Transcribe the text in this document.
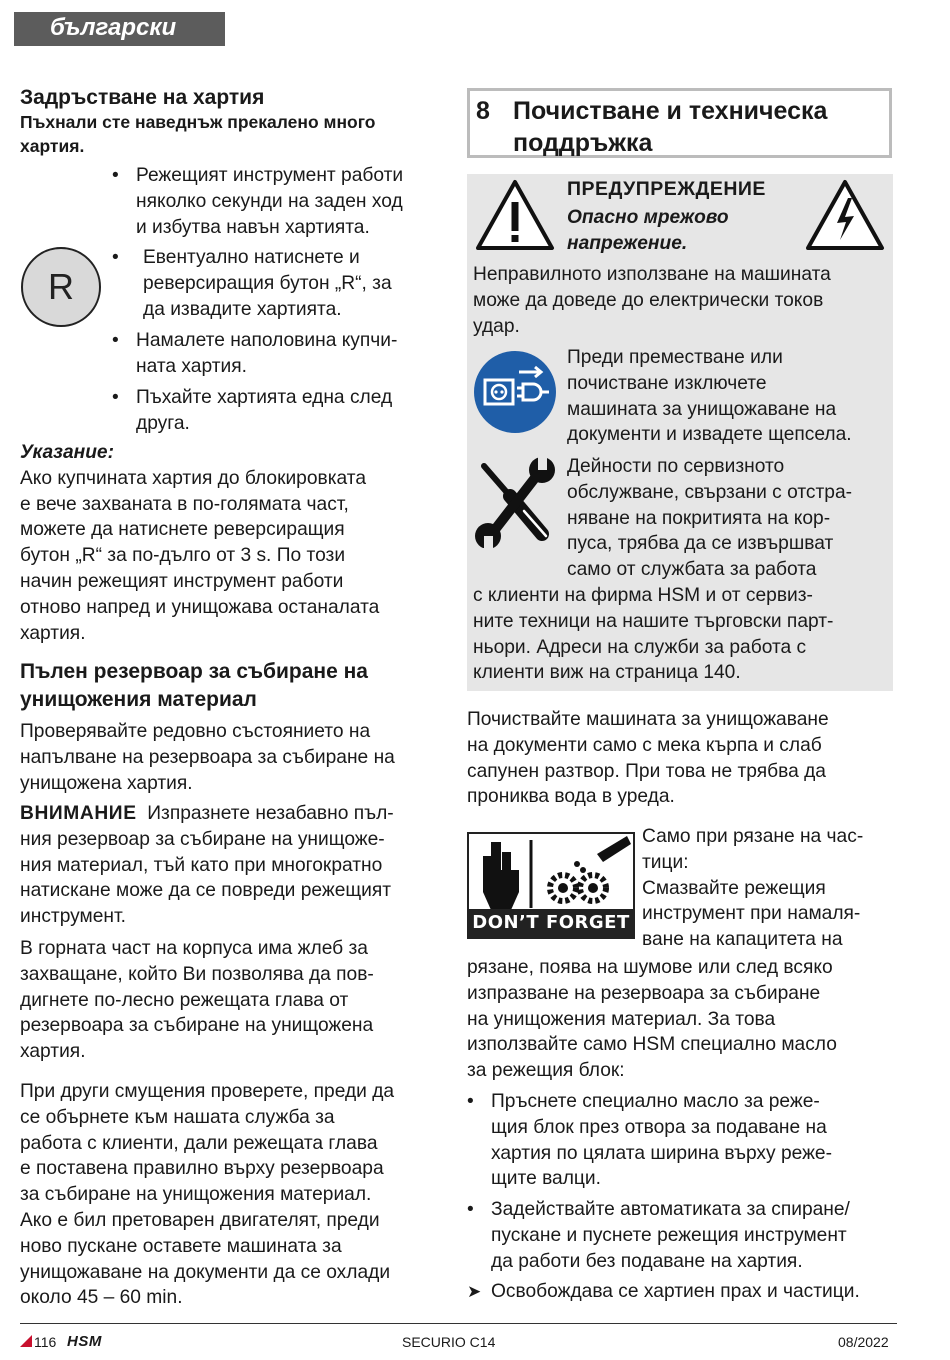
български
Задръстване на хартия
Пъхнали сте наведнъж прекалено много
хартия.
R
• Режещият инструмент работи

няколко секунди на заден ход

и избутва навън хартията.

• Евентуално натиснете и

реверсиращия бутон „R“, за

да извадите хартията.

• Намалете наполовина купчи-

ната хартия.

• Пъхайте хартията една след

друга.

Указание:

Ако купчината хартия до блокировката

е вече захваната в по-голямата част,

можете да натиснете реверсиращия

бутон „R“ за по-дълго от 3 s. По този

начин режещият инструмент работи

отново напред и унищожава останалата

хартия.

Пълен резервоар за събиране на

унищожения материал

Проверявайте редовно състоянието на

напълване на резервоара за събиране на

унищожена хартия.

ВНИМАНИЕ Изпразнете незабавно пъл-

ния резервоар за събиране на унищоже-

ния материал, тъй като при многократно

натискане може да се повреди режещият

инструмент.

В горната част на корпуса има жлеб за

захващане, който Ви позволява да пов-

дигнете по-лесно режещата глава от

резервоара за събиране на унищожена

хартия.

При други смущения проверете, преди да

се обърнете към нашата служба за

работа с клиенти, дали режещата глава

е поставена правилно върху резервоара

за събиране на унищожения материал.

Ако е бил претоварен двигателят, преди

ново пускане оставете машината за

унищожаване на документи да се охлади

около 45 – 60 min.

8 Почистване и техническа

поддръжка

ПРЕДУПРЕЖДЕНИЕ

Опасно мрежово

напрежение.

Неправилното използване на машината

може да доведе до електрически токов

удар.

Преди преместване или

почистване изключете

машината за унищожаване на

документи и извадете щепсела.

Дейности по сервизното

обслужване, свързани с отстра-

няване на покритията на кор-

пуса, трябва да се извършват

само от службата за работа

с клиенти на фирма HSM и от сервиз-

ните техници на нашите търговски парт-

ньори. Адреси на служби за работа с

клиенти виж на страница 140.

Почиствайте машината за унищожаване

на документи само с мека кърпа и слаб

сапунен разтвор. При това не трябва да

прониква вода в уреда.

DON’T FORGET

Само при рязане на час-

тици:

Смазвайте режещия

инструмент при намаля-

ване на капацитета на

рязане, поява на шумове или след всяко

изпразване на резервоара за събиране

на унищожения материал. За това

използвайте само HSM специално масло

за режещия блок:

• Пръснете специално масло за реже-

щия блок през отвора за подаване на

хартия по цялата ширина върху реже-

щите валци.

• Задействайте автоматиката за спиране/

пускане и пуснете режещия инструмент

да работи без подаване на хартия.

➤ Освобождава се хартиен прах и частици.

116 HSM	SECURIO C14	08/2022
